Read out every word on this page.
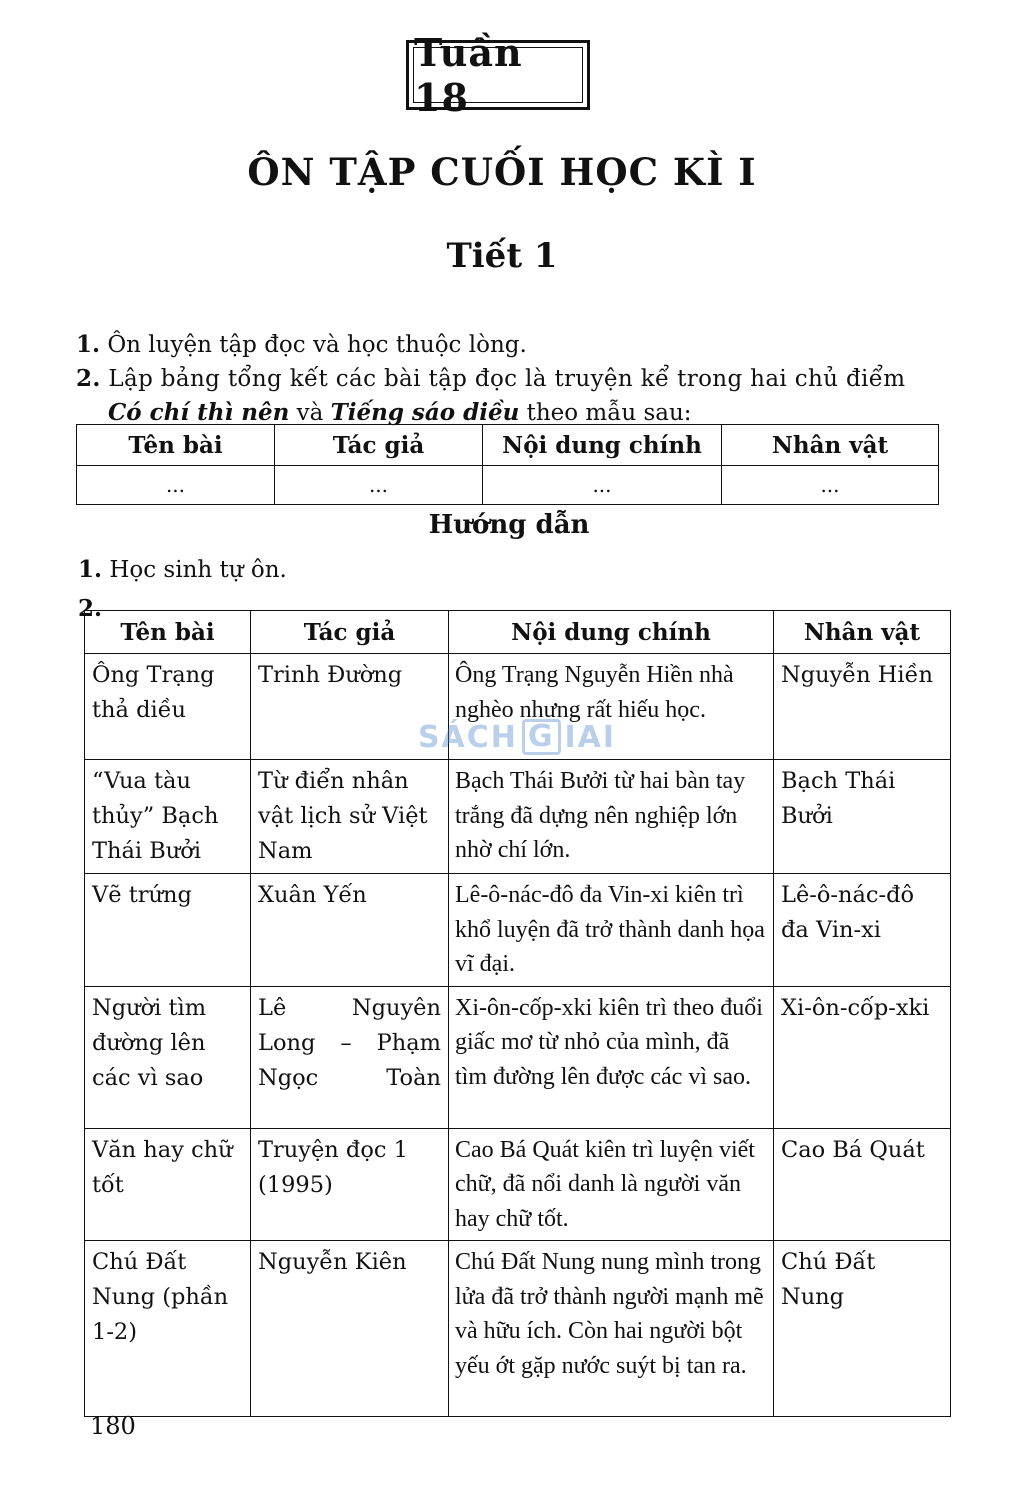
Tuần 18
ÔN TẬP CUỐI HỌC KÌ I
Tiết 1
1. Ôn luyện tập đọc và học thuộc lòng.
2. Lập bảng tổng kết các bài tập đọc là truyện kể trong hai chủ điểm
Có chí thì nên và Tiếng sáo diều theo mẫu sau:
Tên bài	Tác giả	Nội dung chính	Nhân vật
...	...	...	...
Hướng dẫn
1. Học sinh tự ôn.
2.
Tên bài	Tác giả	Nội dung chính	Nhân vật
Ông Trạng thả diều	Trinh Đường	Ông Trạng Nguyễn Hiền nhà nghèo nhưng rất hiếu học.	Nguyễn Hiền
“Vua tàu thủy” Bạch Thái Bưởi	Từ điển nhân vật lịch sử Việt Nam	Bạch Thái Bưởi từ hai bàn tay trắng đã dựng nên nghiệp lớn nhờ chí lớn.	Bạch Thái Bưởi
Vẽ trứng	Xuân Yến	Lê-ô-nác-đô đa Vin-xi kiên trì khổ luyện đã trở thành danh họa vĩ đại.	Lê-ô-nác-đô đa Vin-xi
Người tìm đường lên các vì sao	Lê Nguyên Long – Phạm Ngọc Toàn	Xi-ôn-cốp-xki kiên trì theo đuổi giấc mơ từ nhỏ của mình, đã tìm đường lên được các vì sao.	Xi-ôn-cốp-xki
Văn hay chữ tốt	Truyện đọc 1 (1995)	Cao Bá Quát kiên trì luyện viết chữ, đã nổi danh là người văn hay chữ tốt.	Cao Bá Quát
Chú Đất Nung (phần 1-2)	Nguyễn Kiên	Chú Đất Nung nung mình trong lửa đã trở thành người mạnh mẽ và hữu ích. Còn hai người bột yếu ớt gặp nước suýt bị tan ra.	Chú Đất Nung
SÁCH G IAI
180
